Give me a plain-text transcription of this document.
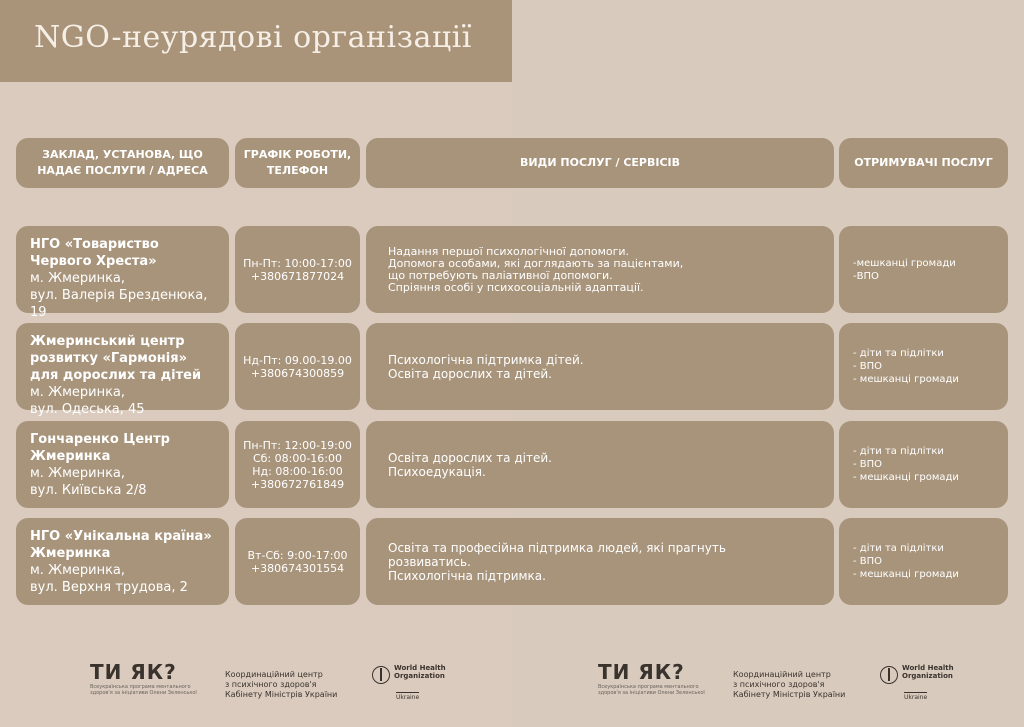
NGO-неурядові організації
ЗАКЛАД, УСТАНОВА, ЩО НАДАЄ ПОСЛУГИ / АДРЕСА
ГРАФІК РОБОТИ, ТЕЛЕФОН
ВИДИ ПОСЛУГ / СЕРВІСІВ	ОТРИМУВАЧІ ПОСЛУГ
НГО «Товариство
Червого Хреста»
м. Жмеринка,
вул. Валерія Брезденюка, 19
Пн-Пт: 10:00-17:00
+380671877024
Надання першої психологічної допомоги.
Допомога особами, які доглядають за пацієнтами,
що потребують паліативної допомоги.
Спріяння особі у психосоціальній адаптації.
-мешканці громади
-ВПО
Жмеринський центр
розвитку «Гармонія»
для дорослих та дітей
м. Жмеринка,
вул. Одеська, 45
Нд-Пт: 09.00-19.00
+380674300859
Психологічна підтримка дітей.
Освіта дорослих та дітей.
- діти та підлітки
- ВПО
- мешканці громади
Гончаренко Центр
Жмеринка
м. Жмеринка,
вул. Київська 2/8
Пн-Пт: 12:00-19:00
Сб: 08:00-16:00
Нд: 08:00-16:00
+380672761849
Освіта дорослих та дітей.
Психоедукація.
- діти та підлітки
- ВПО
- мешканці громади
НГО «Унікальна країна»
Жмеринка
м. Жмеринка,
вул. Верхня трудова, 2
Вт-Сб: 9:00-17:00
+380674301554
Освіта та професійна підтримка людей, які прагнуть розвиватись.
Психологічна підтримка.
- діти та підлітки
- ВПО
- мешканці громади
ТИ ЯК?
Всеукраїнська програма ментального здоров'я за ініціативи Олени Зеленської
Координаційний центр
з психічного здоров'я
Кабінету Міністрів України
World Health
Organization
Ukraine
ТИ ЯК?
Всеукраїнська програма ментального здоров'я за ініціативи Олени Зеленської
Координаційний центр
з психічного здоров'я
Кабінету Міністрів України
World Health
Organization
Ukraine
